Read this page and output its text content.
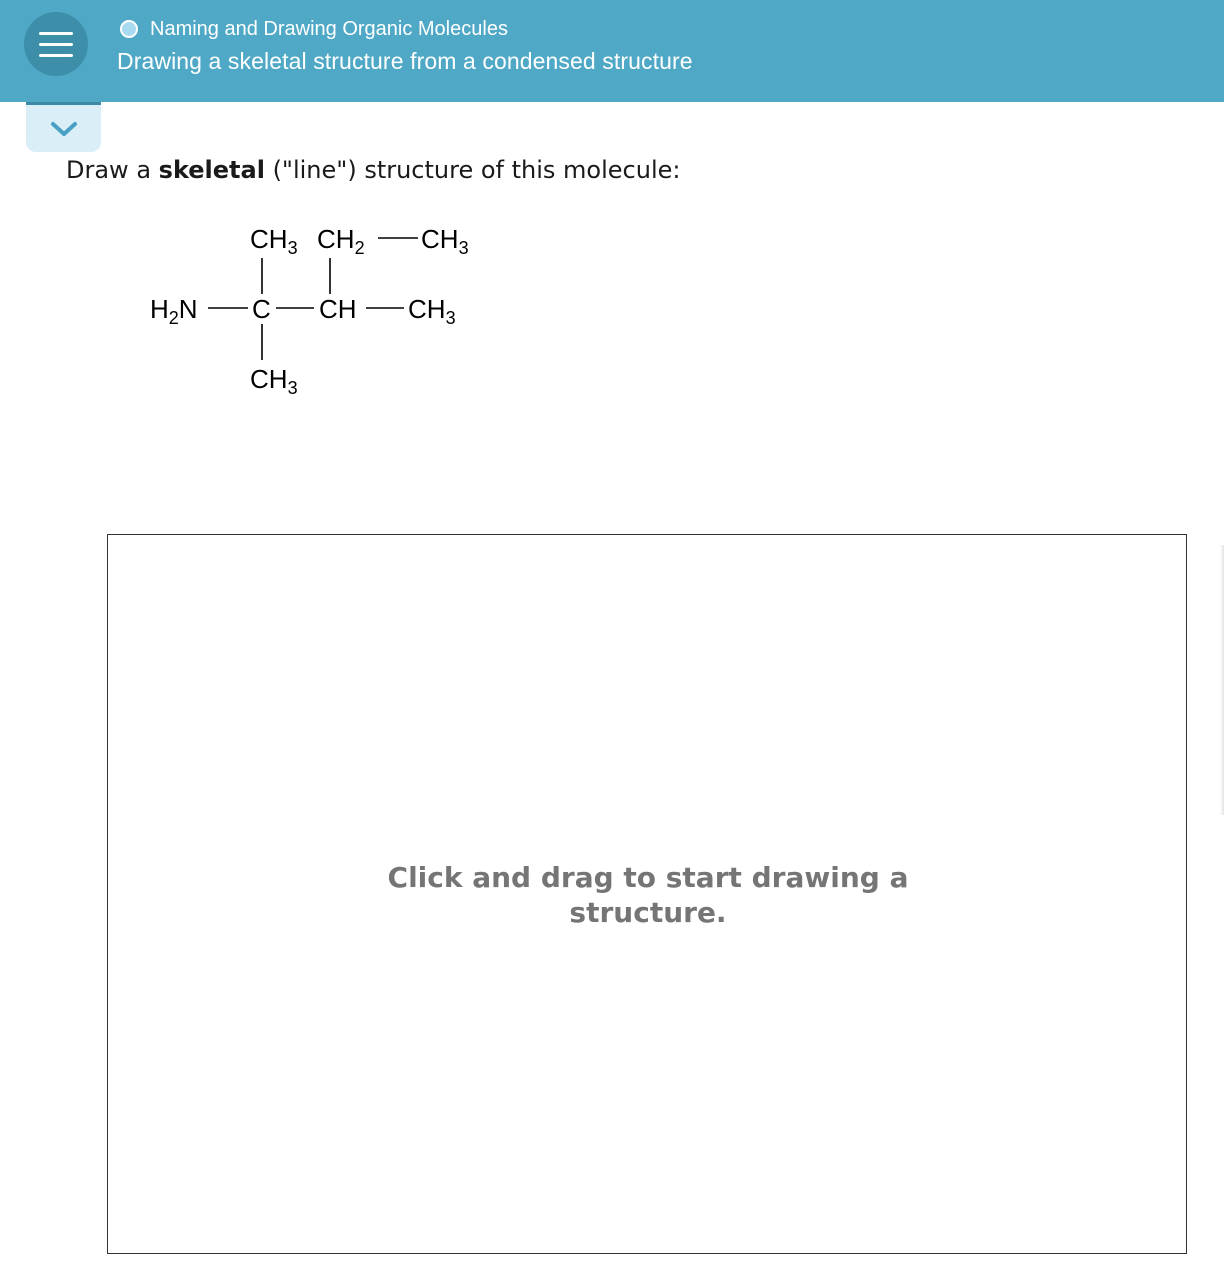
Naming and Drawing Organic Molecules
Drawing a skeletal structure from a condensed structure
Draw a skeletal ("line") structure of this molecule:
$CH_3$ $CH_2$ $CH_3$
$H_2N$ C CH $CH_3$
$CH_3$
Click and drag to start drawing a structure.
